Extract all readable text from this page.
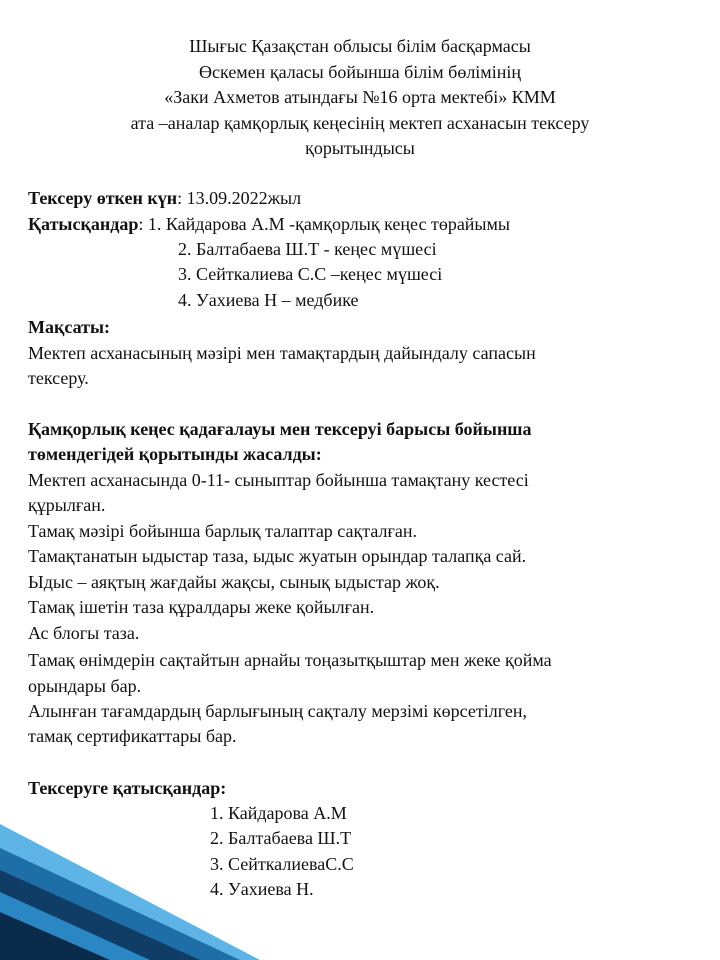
Шығыс Қазақстан облысы білім басқармасы
Өскемен қаласы бойынша білім бөлімінің
«Заки Ахметов атындағы №16 орта мектебі» КММ
ата –аналар қамқорлық кеңесінің мектеп асханасын тексеру
қорытындысы
Тексеру өткен күн: 13.09.2022жыл
Қатысқандар: 1. Кайдарова А.М -қамқорлық кеңес төрайымы
2. Балтабаева Ш.Т - кеңес мүшесі
3. Сейткалиева С.С –кеңес мүшесі
4. Уахиева Н – медбике
Мақсаты:
Мектеп асханасының мәзірі мен тамақтардың дайындалу сапасын
тексеру.
Қамқорлық кеңес қадағалауы мен тексеруі барысы бойынша
төмендегідей қорытынды жасалды:
Мектеп асханасында 0-11- сыныптар бойынша тамақтану кестесі
құрылған.
Тамақ мәзірі бойынша барлық талаптар сақталған.
Тамақтанатын ыдыстар таза, ыдыс жуатын орындар талапқа сай.
Ыдыс – аяқтың жағдайы жақсы, сынық ыдыстар жоқ.
Тамақ ішетін таза құралдары жеке қойылған.
Ас блогы таза.
Тамақ өнімдерін сақтайтын арнайы тоңазытқыштар мен жеке қойма
орындары бар.
Алынған тағамдардың барлығының сақталу мерзімі көрсетілген,
тамақ сертификаттары бар.
Тексеруге қатысқандар:
1. Кайдарова А.М
2. Балтабаева Ш.Т
3. СейткалиеваС.С
4. Уахиева Н.
